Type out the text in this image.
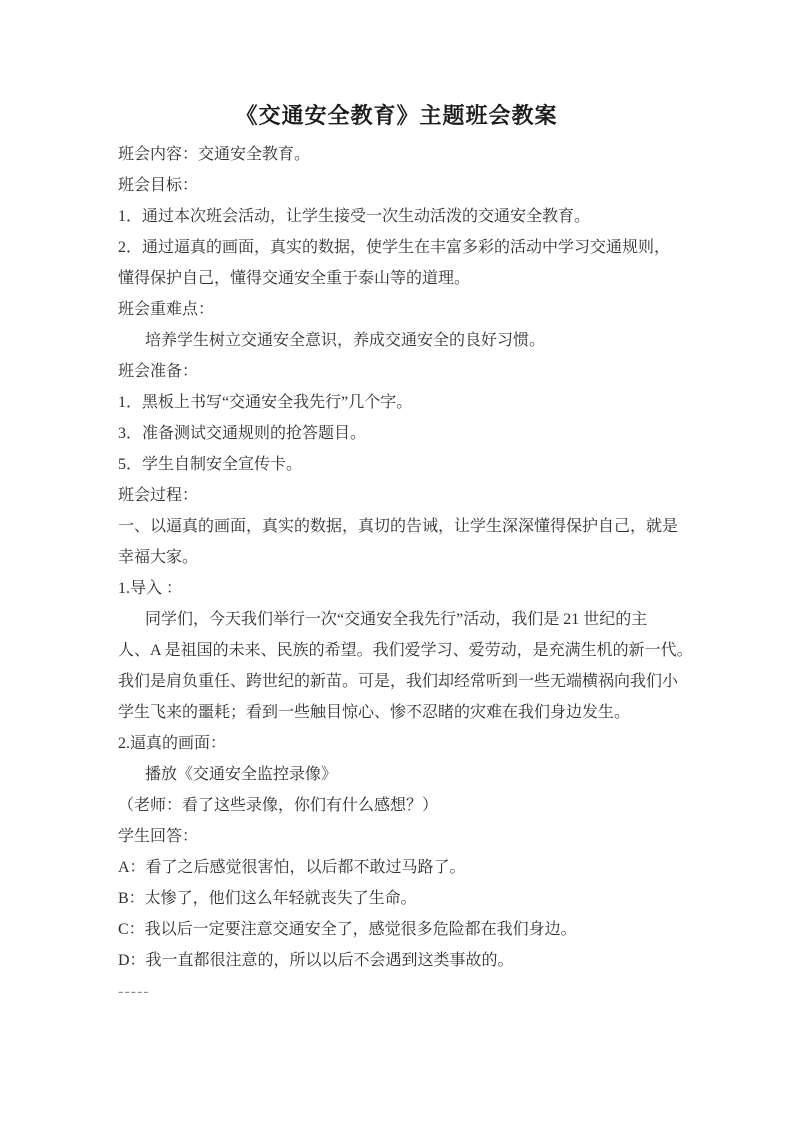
《交通安全教育》主题班会教案
班会内容：交通安全教育。
班会目标：
1．通过本次班会活动，让学生接受一次生动活泼的交通安全教育。
2．通过逼真的画面，真实的数据，使学生在丰富多彩的活动中学习交通规则，
懂得保护自己，懂得交通安全重于泰山等的道理。
班会重难点：
培养学生树立交通安全意识，养成交通安全的良好习惯。
班会准备：
1．黑板上书写“交通安全我先行”几个字。
3．准备测试交通规则的抢答题目。
5．学生自制安全宣传卡。
班会过程：
一、以逼真的画面，真实的数据，真切的告诫，让学生深深懂得保护自己，就是
幸福大家。
1.导入 ：
同学们，今天我们举行一次“交通安全我先行”活动，我们是 21 世纪的主
人、A 是祖国的未来、民族的希望。我们爱学习、爱劳动，是充满生机的新一代。
我们是肩负重任、跨世纪的新苗。可是，我们却经常听到一些无端横祸向我们小
学生飞来的噩耗；看到一些触目惊心、惨不忍睹的灾难在我们身边发生。
2.逼真的画面：
播放《交通安全监控录像》
（老师：看了这些录像，你们有什么感想？）
学生回答：
A：看了之后感觉很害怕，以后都不敢过马路了。
B：太惨了，他们这么年轻就丧失了生命。
C：我以后一定要注意交通安全了，感觉很多危险都在我们身边。
D：我一直都很注意的，所以以后不会遇到这类事故的。
-----
